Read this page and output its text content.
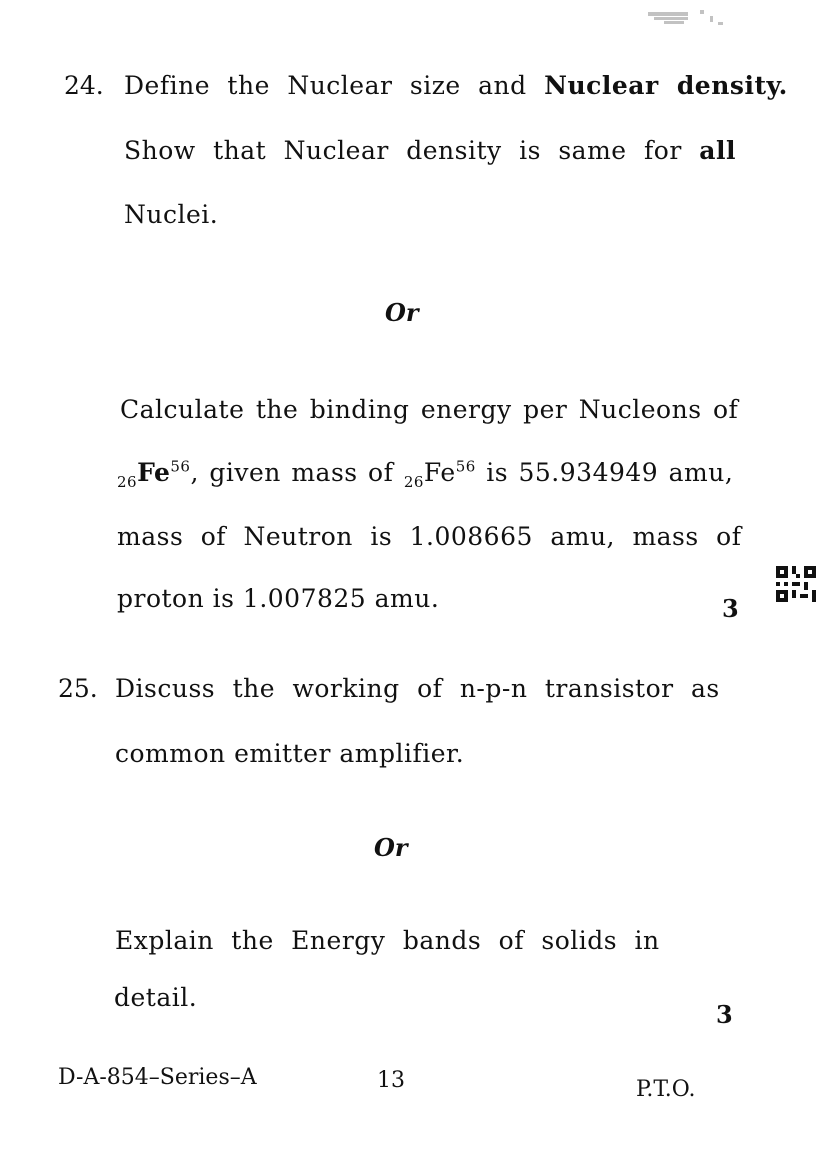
24. Define the Nuclear size and Nuclear density.
Show that Nuclear density is same for all
Nuclei.
Or
Calculate the binding energy per Nucleons of
$_{26}Fe^{56}$, given mass of $_{26}Fe^{56}$ is 55.934949 amu,
mass of Neutron is 1.008665 amu, mass of
proton is 1.007825 amu.	3
25. Discuss the working of n-p-n transistor as
common emitter amplifier.
Or
Explain the Energy bands of solids in
detail.
3
D-A-854–Series–A	13	P.T.O.
